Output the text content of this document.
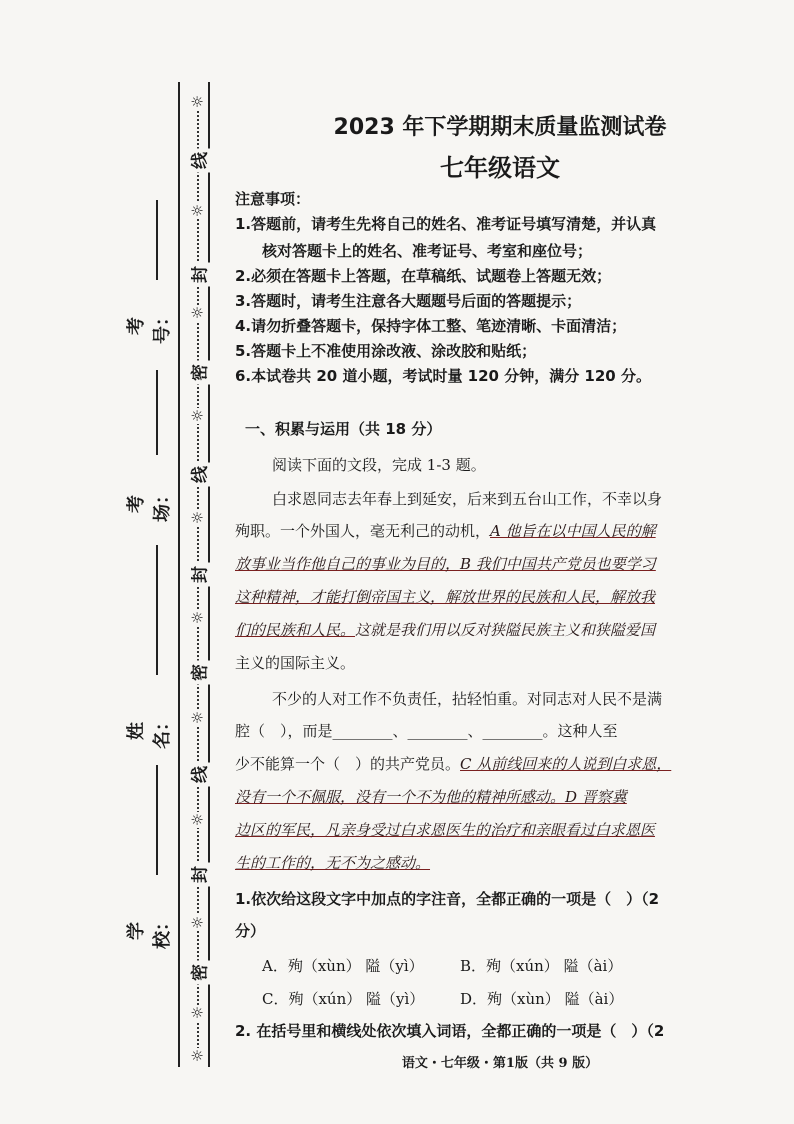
考号：
考场：
姓名：
学校：
☼
线
☼
封
☼
密
☼
线
☼
封
☼
密
☼
线
☼
封
☼
密
☼
☼
2023 年下学期期末质量监测试卷
七年级语文
注意事项：
1.答题前，请考生先将自己的姓名、准考证号填写清楚，并认真
核对答题卡上的姓名、准考证号、考室和座位号；
2.必须在答题卡上答题，在草稿纸、试题卷上答题无效；
3.答题时，请考生注意各大题题号后面的答题提示；
4.请勿折叠答题卡，保持字体工整、笔迹清晰、卡面清洁；
5.答题卡上不准使用涂改液、涂改胶和贴纸；
6.本试卷共 20 道小题，考试时量 120 分钟，满分 120 分。
一、积累与运用（共 18 分）
阅读下面的文段，完成 1-3 题。
白求恩同志去年春上到延安，后来到五台山工作，不幸以身
殉职。一个外国人，毫无利己的动机，A 他旨在以中国人民的解
放事业当作他自己的事业为目的，B 我们中国共产党员也要学习
这种精神，才能打倒帝国主义，解放世界的民族和人民，解放我
们的民族和人民。这就是我们用以反对狭隘民族主义和狭隘爱国
主义的国际主义。
不少的人对工作不负责任，拈轻怕重。对同志对人民不是满
腔（　），而是________、________、________。这种人至
少不能算一个（　）的共产党员。C 从前线回来的人说到白求恩，
没有一个不佩服，没有一个不为他的精神所感动。D 晋察冀
边区的军民，凡亲身受过白求恩医生的治疗和亲眼看过白求恩医
生的工作的，无不为之感动。
1.依次给这段文字中加点的字注音，全都正确的一项是（　）（2
分）
A．殉（xùn） 隘（yì） B．殉（xún） 隘（ài）
C．殉（xún） 隘（yì） D．殉（xùn） 隘（ài）
2. 在括号里和横线处依次填入词语，全都正确的一项是（　）（2
语文・七年级・第1版（共 9 版）
